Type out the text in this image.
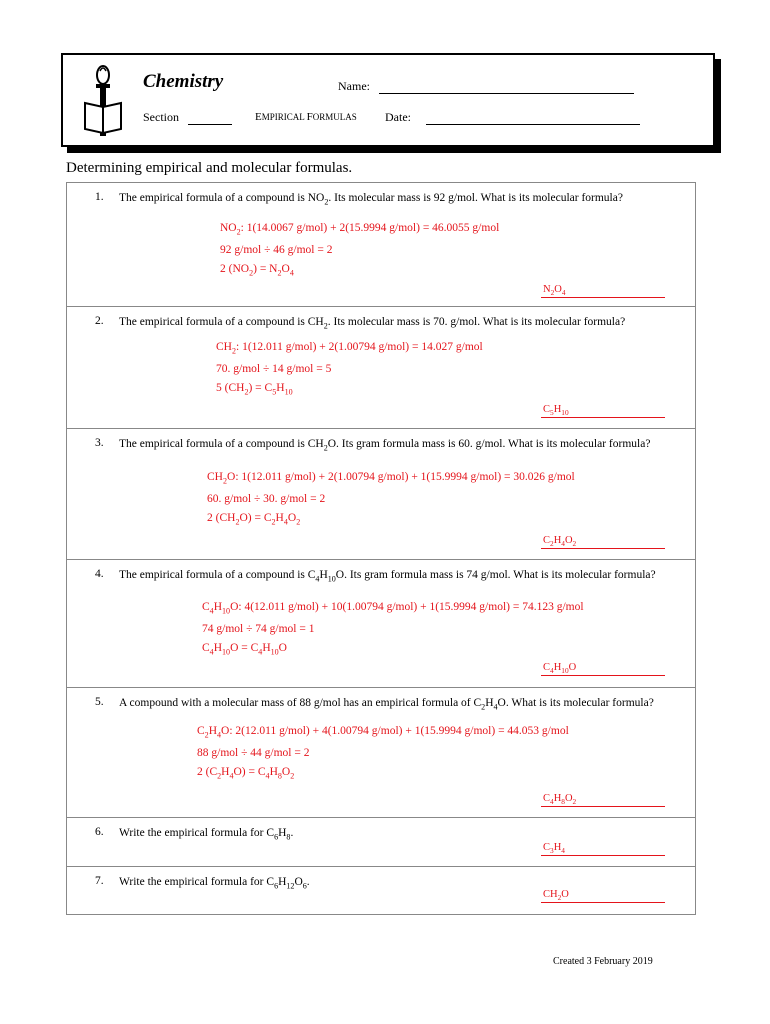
Chemistry	Name:
Section	EMPIRICAL FORMULAS Date:
Determining empirical and molecular formulas.
1. The empirical formula of a compound is $NO_2$. Its molecular mass is 92 g/mol. What is its molecular formula?
$NO_2$: 1(14.0067 g/mol) + 2(15.9994 g/mol) = 46.0055 g/mol
92 g/mol ÷ 46 g/mol = 2
2 $(NO_2) = N_2O_4$
$N_2O_4$
2. The empirical formula of a compound is $CH_2$. Its molecular mass is 70. g/mol. What is its molecular formula?
$CH_2$: 1(12.011 g/mol) + 2(1.00794 g/mol) = 14.027 g/mol
70. g/mol ÷ 14 g/mol = 5
5 $(CH_2) = C_5H_{10}$
$C_5H_{10}$
3. The empirical formula of a compound is $CH_2O$. Its gram formula mass is 60. g/mol. What is its molecular formula?
$CH_2O$: 1(12.011 g/mol) + 2(1.00794 g/mol) + 1(15.9994 g/mol) = 30.026 g/mol
60. g/mol ÷ 30. g/mol = 2
2 $(CH_2O) = C_2H_4O_2$
$C_2H_4O_2$
4. The empirical formula of a compound is $C_4H_{10}O$. Its gram formula mass is 74 g/mol. What is its molecular formula?
$C_4H_{10}O$: 4(12.011 g/mol) + 10(1.00794 g/mol) + 1(15.9994 g/mol) = 74.123 g/mol
74 g/mol ÷ 74 g/mol = 1
$C_4H_{10}O = C_4H_{10}O$
$C_4H_{10}O$
5. A compound with a molecular mass of 88 g/mol has an empirical formula of $C_2H_4O$. What is its molecular formula?
$C_2H_4O$: 2(12.011 g/mol) + 4(1.00794 g/mol) + 1(15.9994 g/mol) = 44.053 g/mol
88 g/mol ÷ 44 g/mol = 2
2 $(C_2H_4O) = C_4H_8O_2$
$C_4H_8O_2$
6. Write the empirical formula for $C_6H_8$.
$C_3H_4$
7. Write the empirical formula for $C_6H_{12}O_6$.
$CH_2O$
Created 3 February 2019
